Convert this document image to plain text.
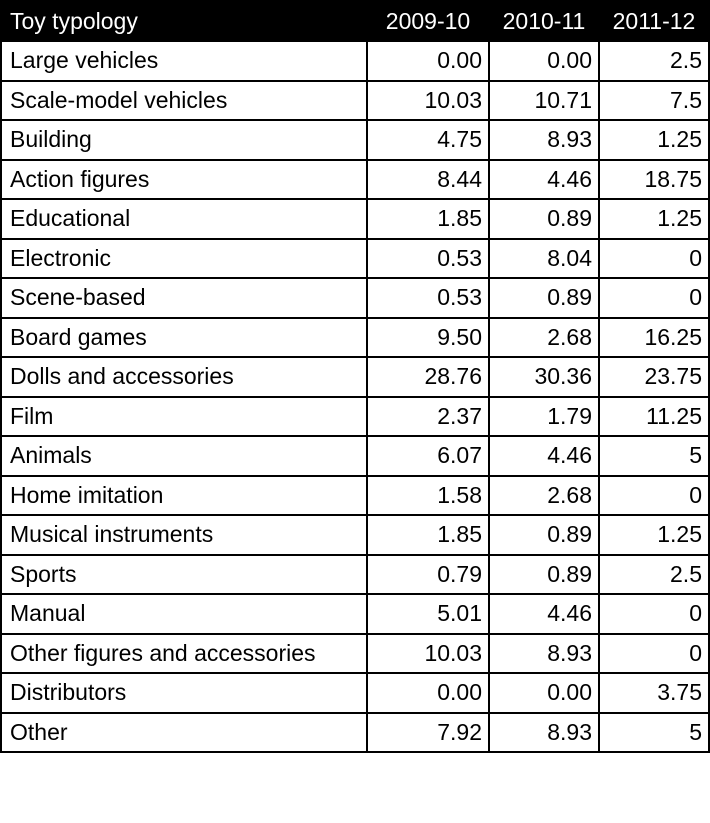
Toy typology	2009-10	2010-11	2011-12
Large vehicles	0.00	0.00	2.5
Scale-model vehicles	10.03	10.71	7.5
Building	4.75	8.93	1.25
Action figures	8.44	4.46	18.75
Educational	1.85	0.89	1.25
Electronic	0.53	8.04	0
Scene-based	0.53	0.89	0
Board games	9.50	2.68	16.25
Dolls and accessories	28.76	30.36	23.75
Film	2.37	1.79	11.25
Animals	6.07	4.46	5
Home imitation	1.58	2.68	0
Musical instruments	1.85	0.89	1.25
Sports	0.79	0.89	2.5
Manual	5.01	4.46	0
Other figures and accessories	10.03	8.93	0
Distributors	0.00	0.00	3.75
Other	7.92	8.93	5
